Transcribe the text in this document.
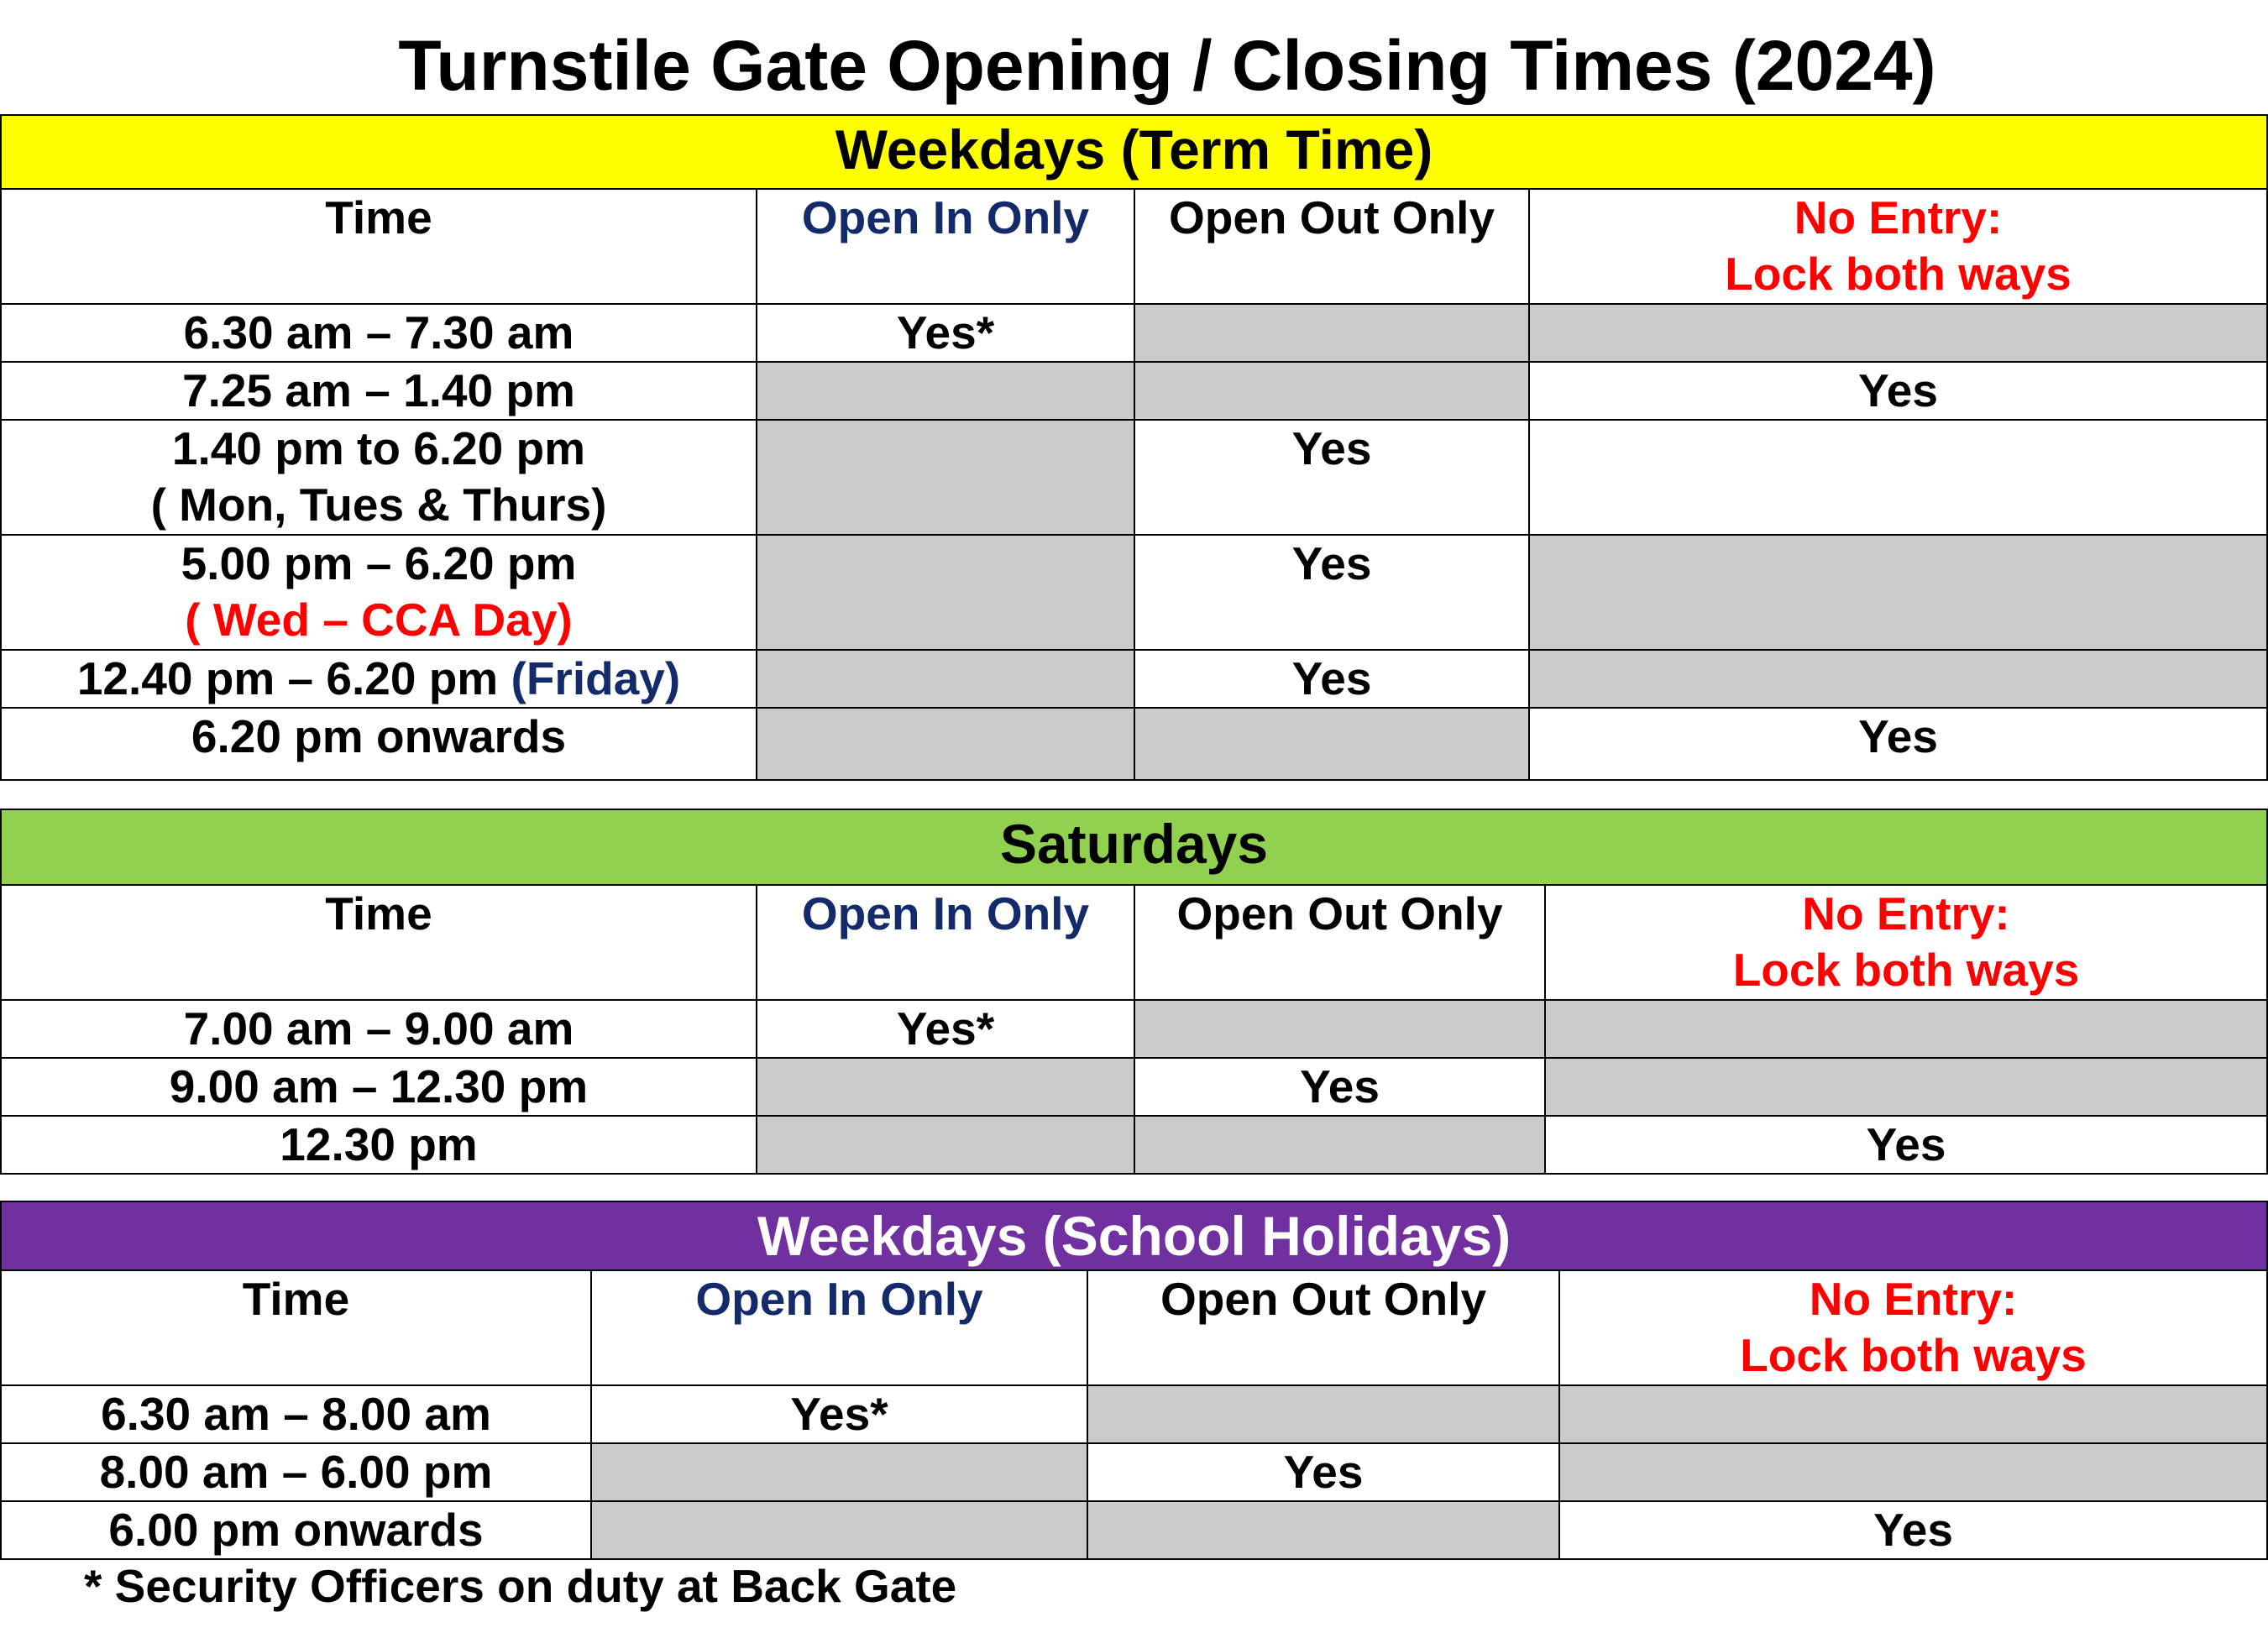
Turnstile Gate Opening / Closing Times (2024)
Weekdays (Term Time)			
Time	Open In Only	Open Out Only	No Entry:
Lock both ways
6.30 am – 7.30 am	Yes*		
7.25 am – 1.40 pm			Yes
1.40 pm to 6.20 pm
( Mon, Tues & Thurs)		Yes	
5.00 pm – 6.20 pm
( Wed – CCA Day)		Yes	
12.40 pm – 6.20 pm (Friday)		Yes	
6.20 pm onwards			Yes
Saturdays			
Time	Open In Only	Open Out Only	No Entry:
Lock both ways
7.00 am – 9.00 am	Yes*		
9.00 am – 12.30 pm		Yes	
12.30 pm			Yes
Weekdays (School Holidays)			
Time	Open In Only	Open Out Only	No Entry:
Lock both ways
6.30 am – 8.00 am	Yes*		
8.00 am – 6.00 pm		Yes	
6.00 pm onwards			Yes
* Security Officers on duty at Back Gate
